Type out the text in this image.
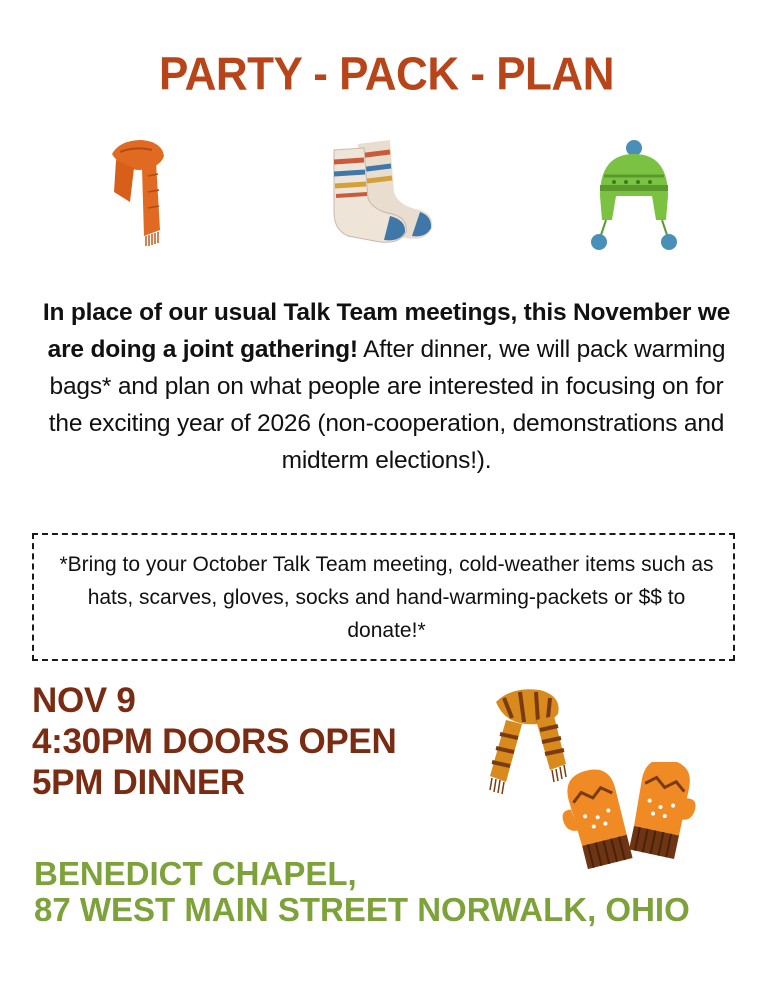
PARTY - PACK - PLAN
In place of our usual Talk Team meetings, this November we are doing a joint gathering! After dinner, we will pack warming bags* and plan on what people are interested in focusing on for the exciting year of 2026 (non-cooperation, demonstrations and midterm elections!).
*Bring to your October Talk Team meeting, cold-weather items such as hats, scarves, gloves, socks and hand-warming-packets or $$ to donate!*
NOV 9
4:30PM DOORS OPEN
5PM DINNER
BENEDICT CHAPEL,
87 WEST MAIN STREET NORWALK, OHIO
